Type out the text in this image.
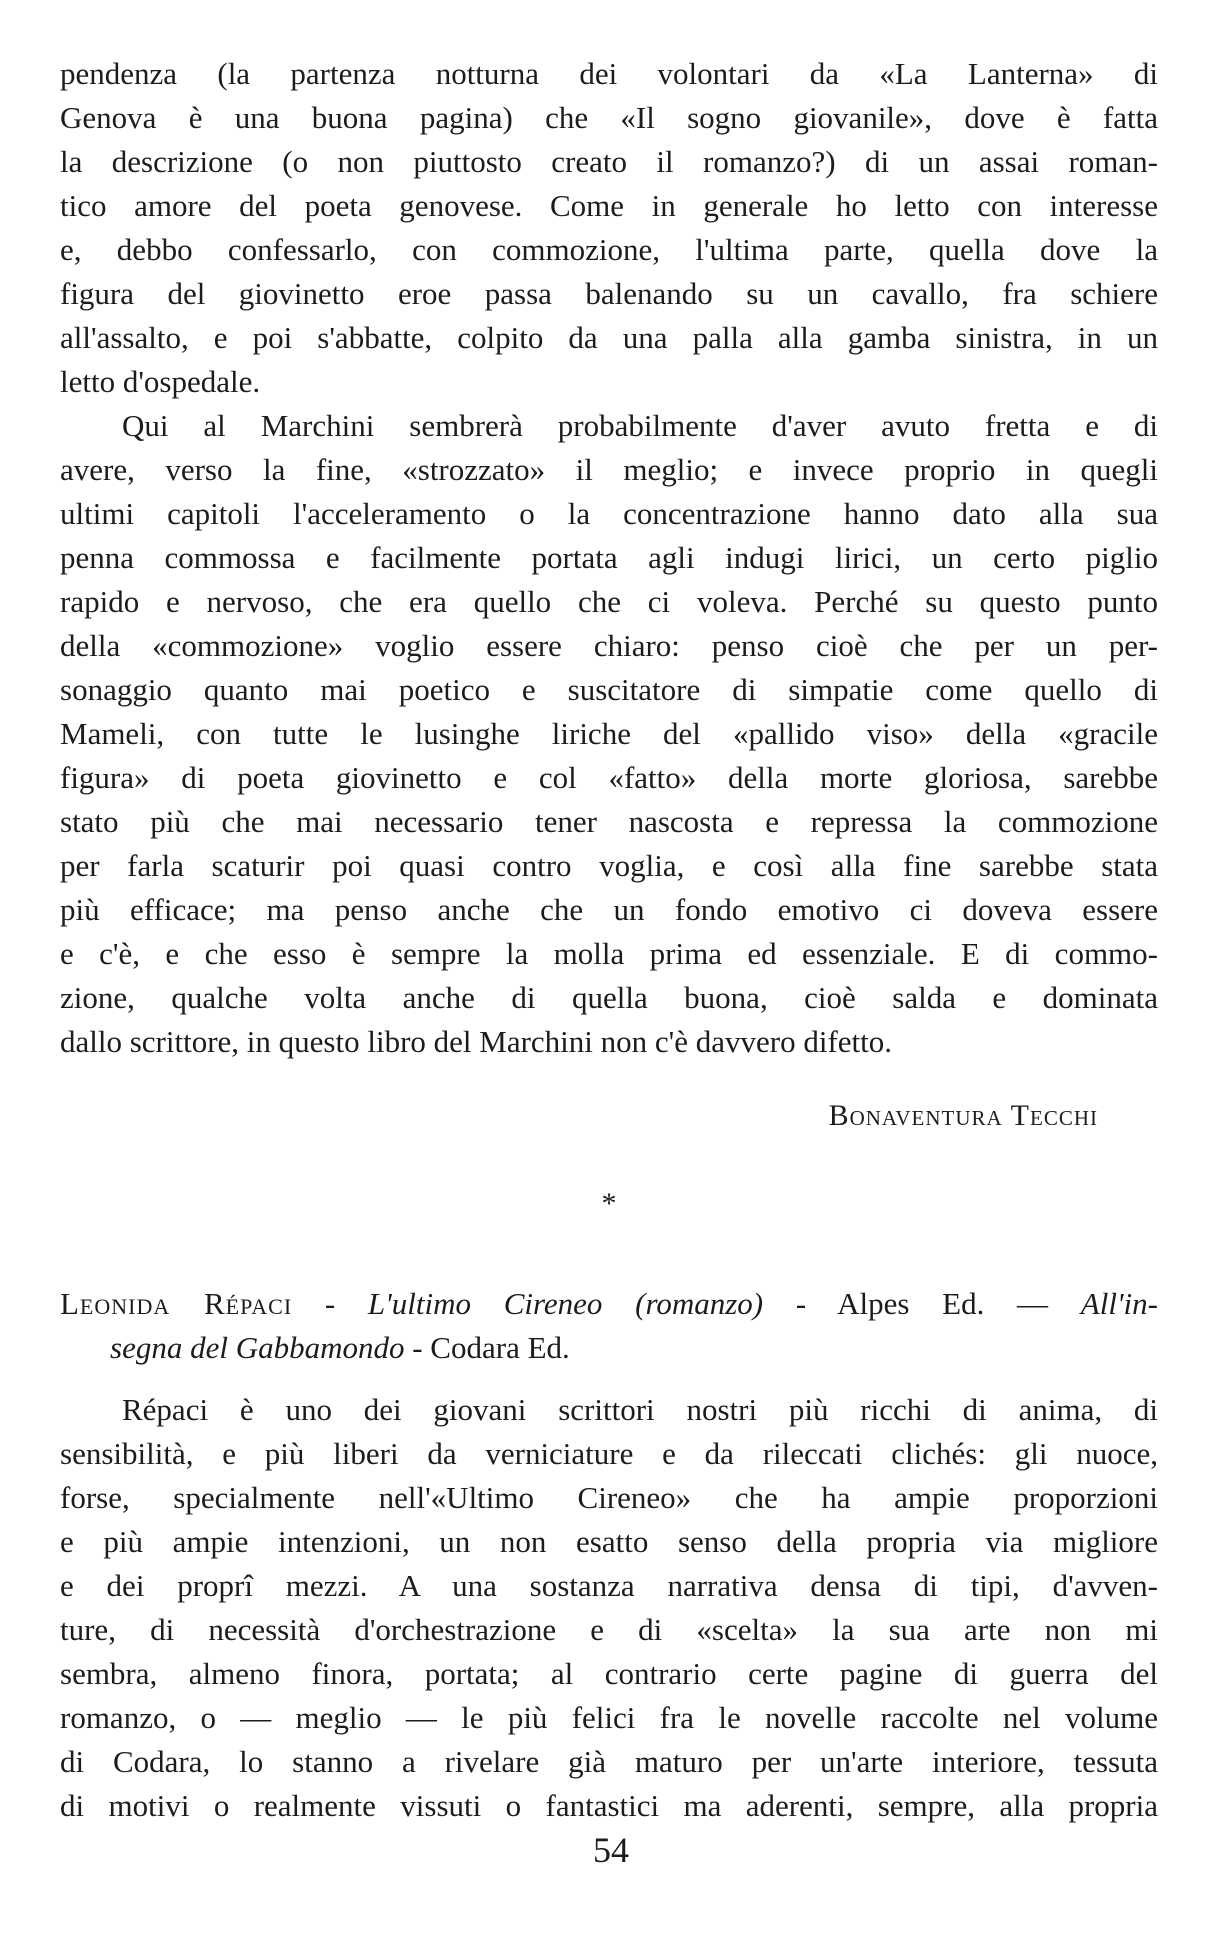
pendenza (la partenza notturna dei volontari da «La Lanterna» di
Genova è una buona pagina) che «Il sogno giovanile», dove è fatta
la descrizione (o non piuttosto creato il romanzo?) di un assai roman-
tico amore del poeta genovese. Come in generale ho letto con interesse
e, debbo confessarlo, con commozione, l'ultima parte, quella dove la
figura del giovinetto eroe passa balenando su un cavallo, fra schiere
all'assalto, e poi s'abbatte, colpito da una palla alla gamba sinistra, in un
letto d'ospedale.
Qui al Marchini sembrerà probabilmente d'aver avuto fretta e di
avere, verso la fine, «strozzato» il meglio; e invece proprio in quegli
ultimi capitoli l'acceleramento o la concentrazione hanno dato alla sua
penna commossa e facilmente portata agli indugi lirici, un certo piglio
rapido e nervoso, che era quello che ci voleva. Perché su questo punto
della «commozione» voglio essere chiaro: penso cioè che per un per-
sonaggio quanto mai poetico e suscitatore di simpatie come quello di
Mameli, con tutte le lusinghe liriche del «pallido viso» della «gracile
figura» di poeta giovinetto e col «fatto» della morte gloriosa, sarebbe
stato più che mai necessario tener nascosta e repressa la commozione
per farla scaturir poi quasi contro voglia, e così alla fine sarebbe stata
più efficace; ma penso anche che un fondo emotivo ci doveva essere
e c'è, e che esso è sempre la molla prima ed essenziale. E di commo-
zione, qualche volta anche di quella buona, cioè salda e dominata
dallo scrittore, in questo libro del Marchini non c'è davvero difetto.
Bonaventura Tecchi
*
Leonida Répaci - L'ultimo Cireneo (romanzo) - Alpes Ed. — All'in-
segna del Gabbamondo - Codara Ed.
Répaci è uno dei giovani scrittori nostri più ricchi di anima, di
sensibilità, e più liberi da verniciature e da rileccati clichés: gli nuoce,
forse, specialmente nell'«Ultimo Cireneo» che ha ampie proporzioni
e più ampie intenzioni, un non esatto senso della propria via migliore
e dei proprî mezzi. A una sostanza narrativa densa di tipi, d'avven-
ture, di necessità d'orchestrazione e di «scelta» la sua arte non mi
sembra, almeno finora, portata; al contrario certe pagine di guerra del
romanzo, o — meglio — le più felici fra le novelle raccolte nel volume
di Codara, lo stanno a rivelare già maturo per un'arte interiore, tessuta
di motivi o realmente vissuti o fantastici ma aderenti, sempre, alla propria
54
